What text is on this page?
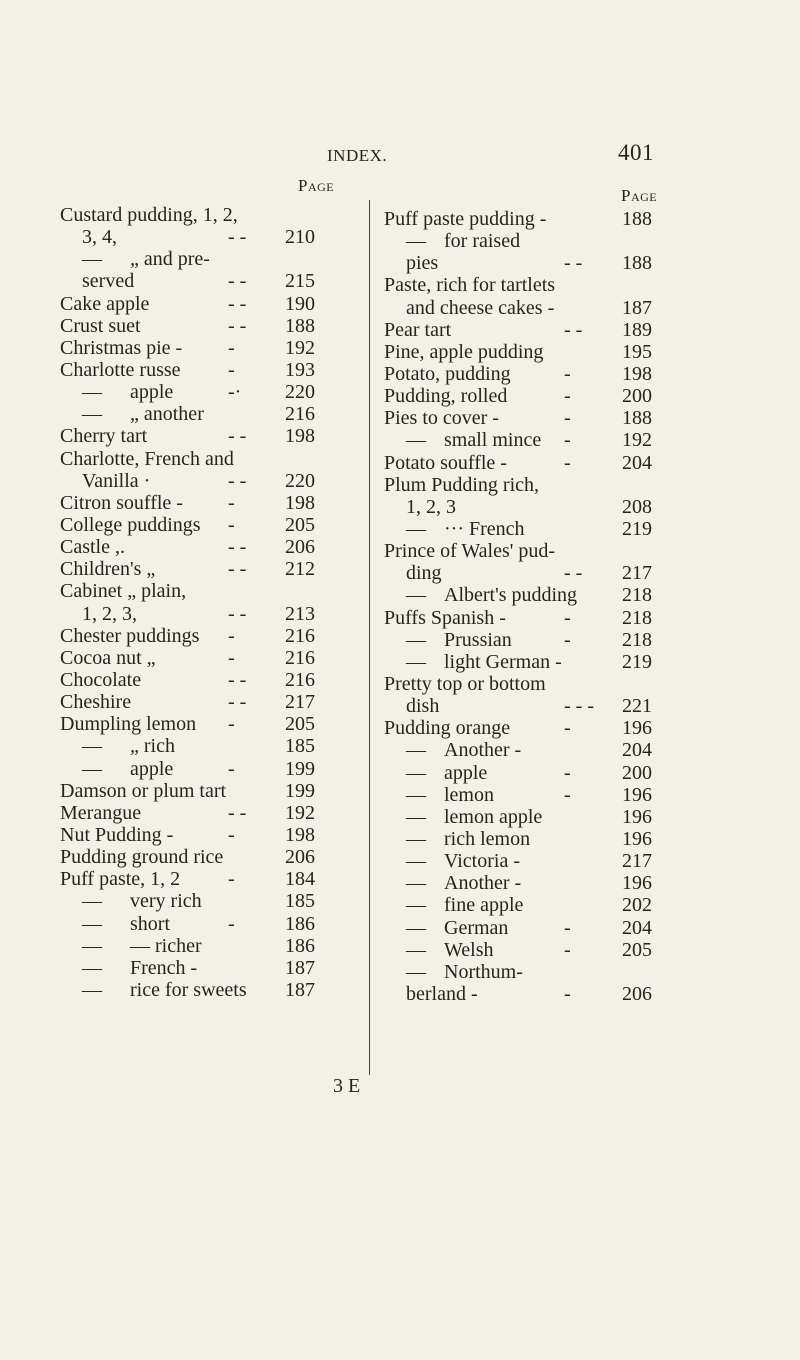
INDEX.	401
Page
Page
Custard pudding, 1, 2,
3, 4,	- - 210
— „ and pre-
served	- - 215
Cake apple	- - 190
Crust suet	- - 188
Christmas pie - -	192
Charlotte russe -	193
— apple	-· 220
— „ another	216
Cherry tart	- - 198
Charlotte, French and
Vanilla ·	- - 220
Citron souffle - -	198
College puddings -	205
Castle ,.	- - 206
Children's „	- - 212
Cabinet „ plain,
1, 2, 3,	- - 213
Chester puddings -	216
Cocoa nut „	-	216
Chocolate	- - 216
Cheshire	- - 217
Dumpling lemon -	205
— „ rich	185
— apple	-	199
Damson or plum tart	199
Merangue	- - 192
Nut Pudding -	-	198
Pudding ground rice	206
Puff paste, 1, 2 -	184
— very rich	185
— short	-	186
— — richer	186
— French -	187
— rice for sweets 187
Puff paste pudding -	188
— for raised
pies	- - 188
Paste, rich for tartlets
and cheese cakes -	187
Pear tart	- - 189
Pine, apple pudding	195
Potato, pudding	-	198
Pudding, rolled	-	200
Pies to cover -	-	188
— small mince -	192
Potato souffle -	-	204
Plum Pudding rich,
1, 2, 3	208
— ··· French	219
Prince of Wales' pud-
ding	- - 217
— Albert's pudding 218
Puffs Spanish -	-	218
— Prussian	-	218
— light German -	219
Pretty top or bottom
dish	- - - 221
Pudding orange	-	196
— Another -	204
— apple	-	200
— lemon	-	196
— lemon apple	196
— rich lemon	196
— Victoria -	217
— Another -	196
— fine apple	202
— German	-	204
— Welsh	-	205
— Northum-
berland -	-	206
3 E
